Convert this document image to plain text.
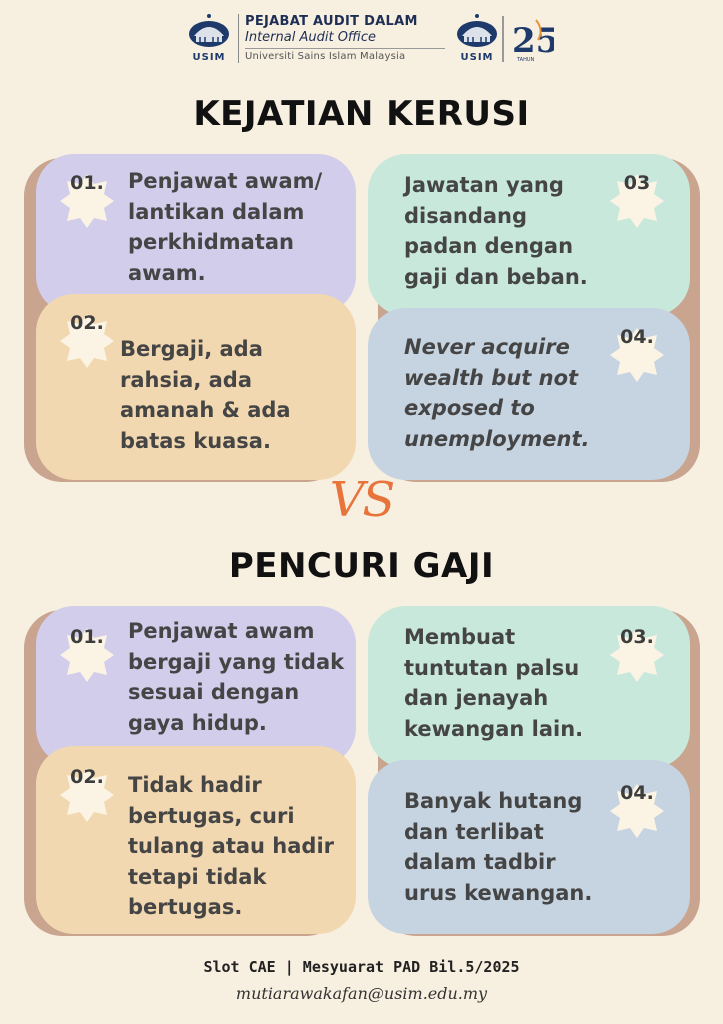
USIM
PEJABAT AUDIT DALAM
Internal Audit Office
Universiti Sains Islam Malaysia	USIM 25
TAHUN
KEJATIAN KERUSI
01.	Penjawat awam/
lantikan dalam
perkhidmatan
awam.
02.
Bergaji, ada
rahsia, ada
amanah & ada
batas kuasa.
Jawatan yang
disandang
padan dengan
gaji dan beban.
03
Never acquire
wealth but not
exposed to
unemployment.
04.
VS
PENCURI GAJI
01.	Penjawat awam
bergaji yang tidak
sesuai dengan
gaya hidup.
02.	Tidak hadir
bertugas, curi
tulang atau hadir
tetapi tidak
bertugas.
Membuat
tuntutan palsu
dan jenayah
kewangan lain.
03.
Banyak hutang
dan terlibat
dalam tadbir
urus kewangan.
04.
Slot CAE | Mesyuarat PAD Bil.5/2025
mutiarawakafan@usim.edu.my
